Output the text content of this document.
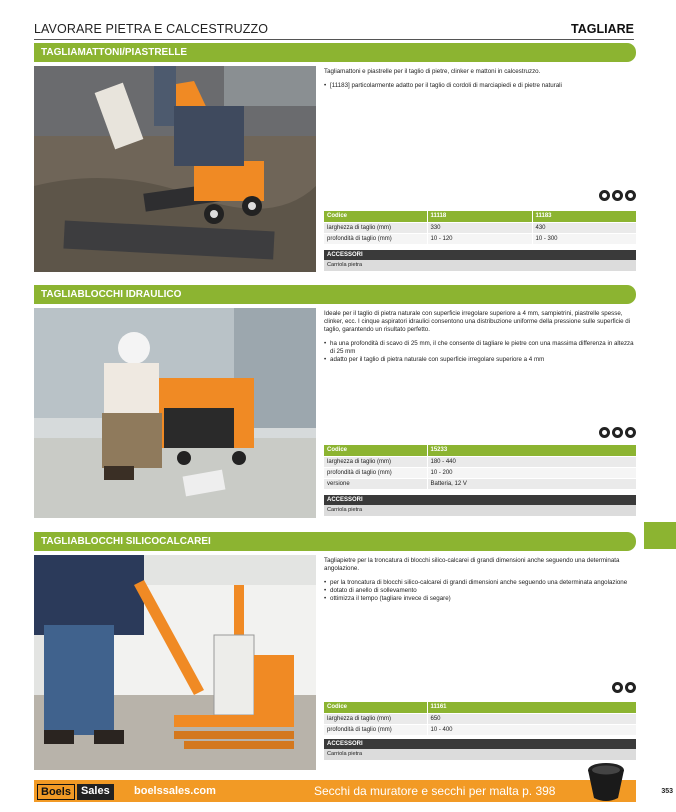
LAVORARE PIETRA E CALCESTRUZZO	TAGLIARE
TAGLIAMATTONI/PIASTRELLE

Tagliamattoni e piastrelle per il taglio di pietre, clinker e mattoni in calcestruzzo.

• [11183] particolarmente adatto per il taglio di cordoli di marciapiedi e di pietre naturali
Codice	11118	11183
larghezza di taglio (mm)	330	430
profondità di taglio (mm)	10 - 120	10 - 300
ACCESSORI
Carriola pietra
TAGLIABLOCCHI IDRAULICO

Ideale per il taglio di pietra naturale con superficie irregolare superiore a 4 mm, sampietrini, piastrelle spesse, clinker, ecc. I cinque aspiratori idraulici consentono una distribuzione uniforme della pressione sulle superficie di taglio, garantendo un risultato perfetto.

• ha una profondità di scavo di 25 mm, il che consente di tagliare le pietre con una massima differenza in altezza di 25 mm
• adatto per il taglio di pietra naturale con superficie irregolare superiore a 4 mm
Codice	15233
larghezza di taglio (mm)	180 - 440
profondità di taglio (mm)	10 - 200
versione	Batteria, 12 V
ACCESSORI
Carriola pietra
TAGLIABLOCCHI SILICOCALCAREI

Tagliapietre per la troncatura di blocchi silico-calcarei di grandi dimensioni anche seguendo una determinata angolazione.

• per la troncatura di blocchi silico-calcarei di grandi dimensioni anche seguendo una determinata angolazione
• dotato di anello di sollevamento
• ottimizza il tempo (tagliare invece di segare)
Codice	11161
larghezza di taglio (mm)	650
profondità di taglio (mm)	10 - 400
ACCESSORI
Carriola pietra
Boels Sales	boelssales.com	Secchi da muratore e secchi per malta p. 398	353
